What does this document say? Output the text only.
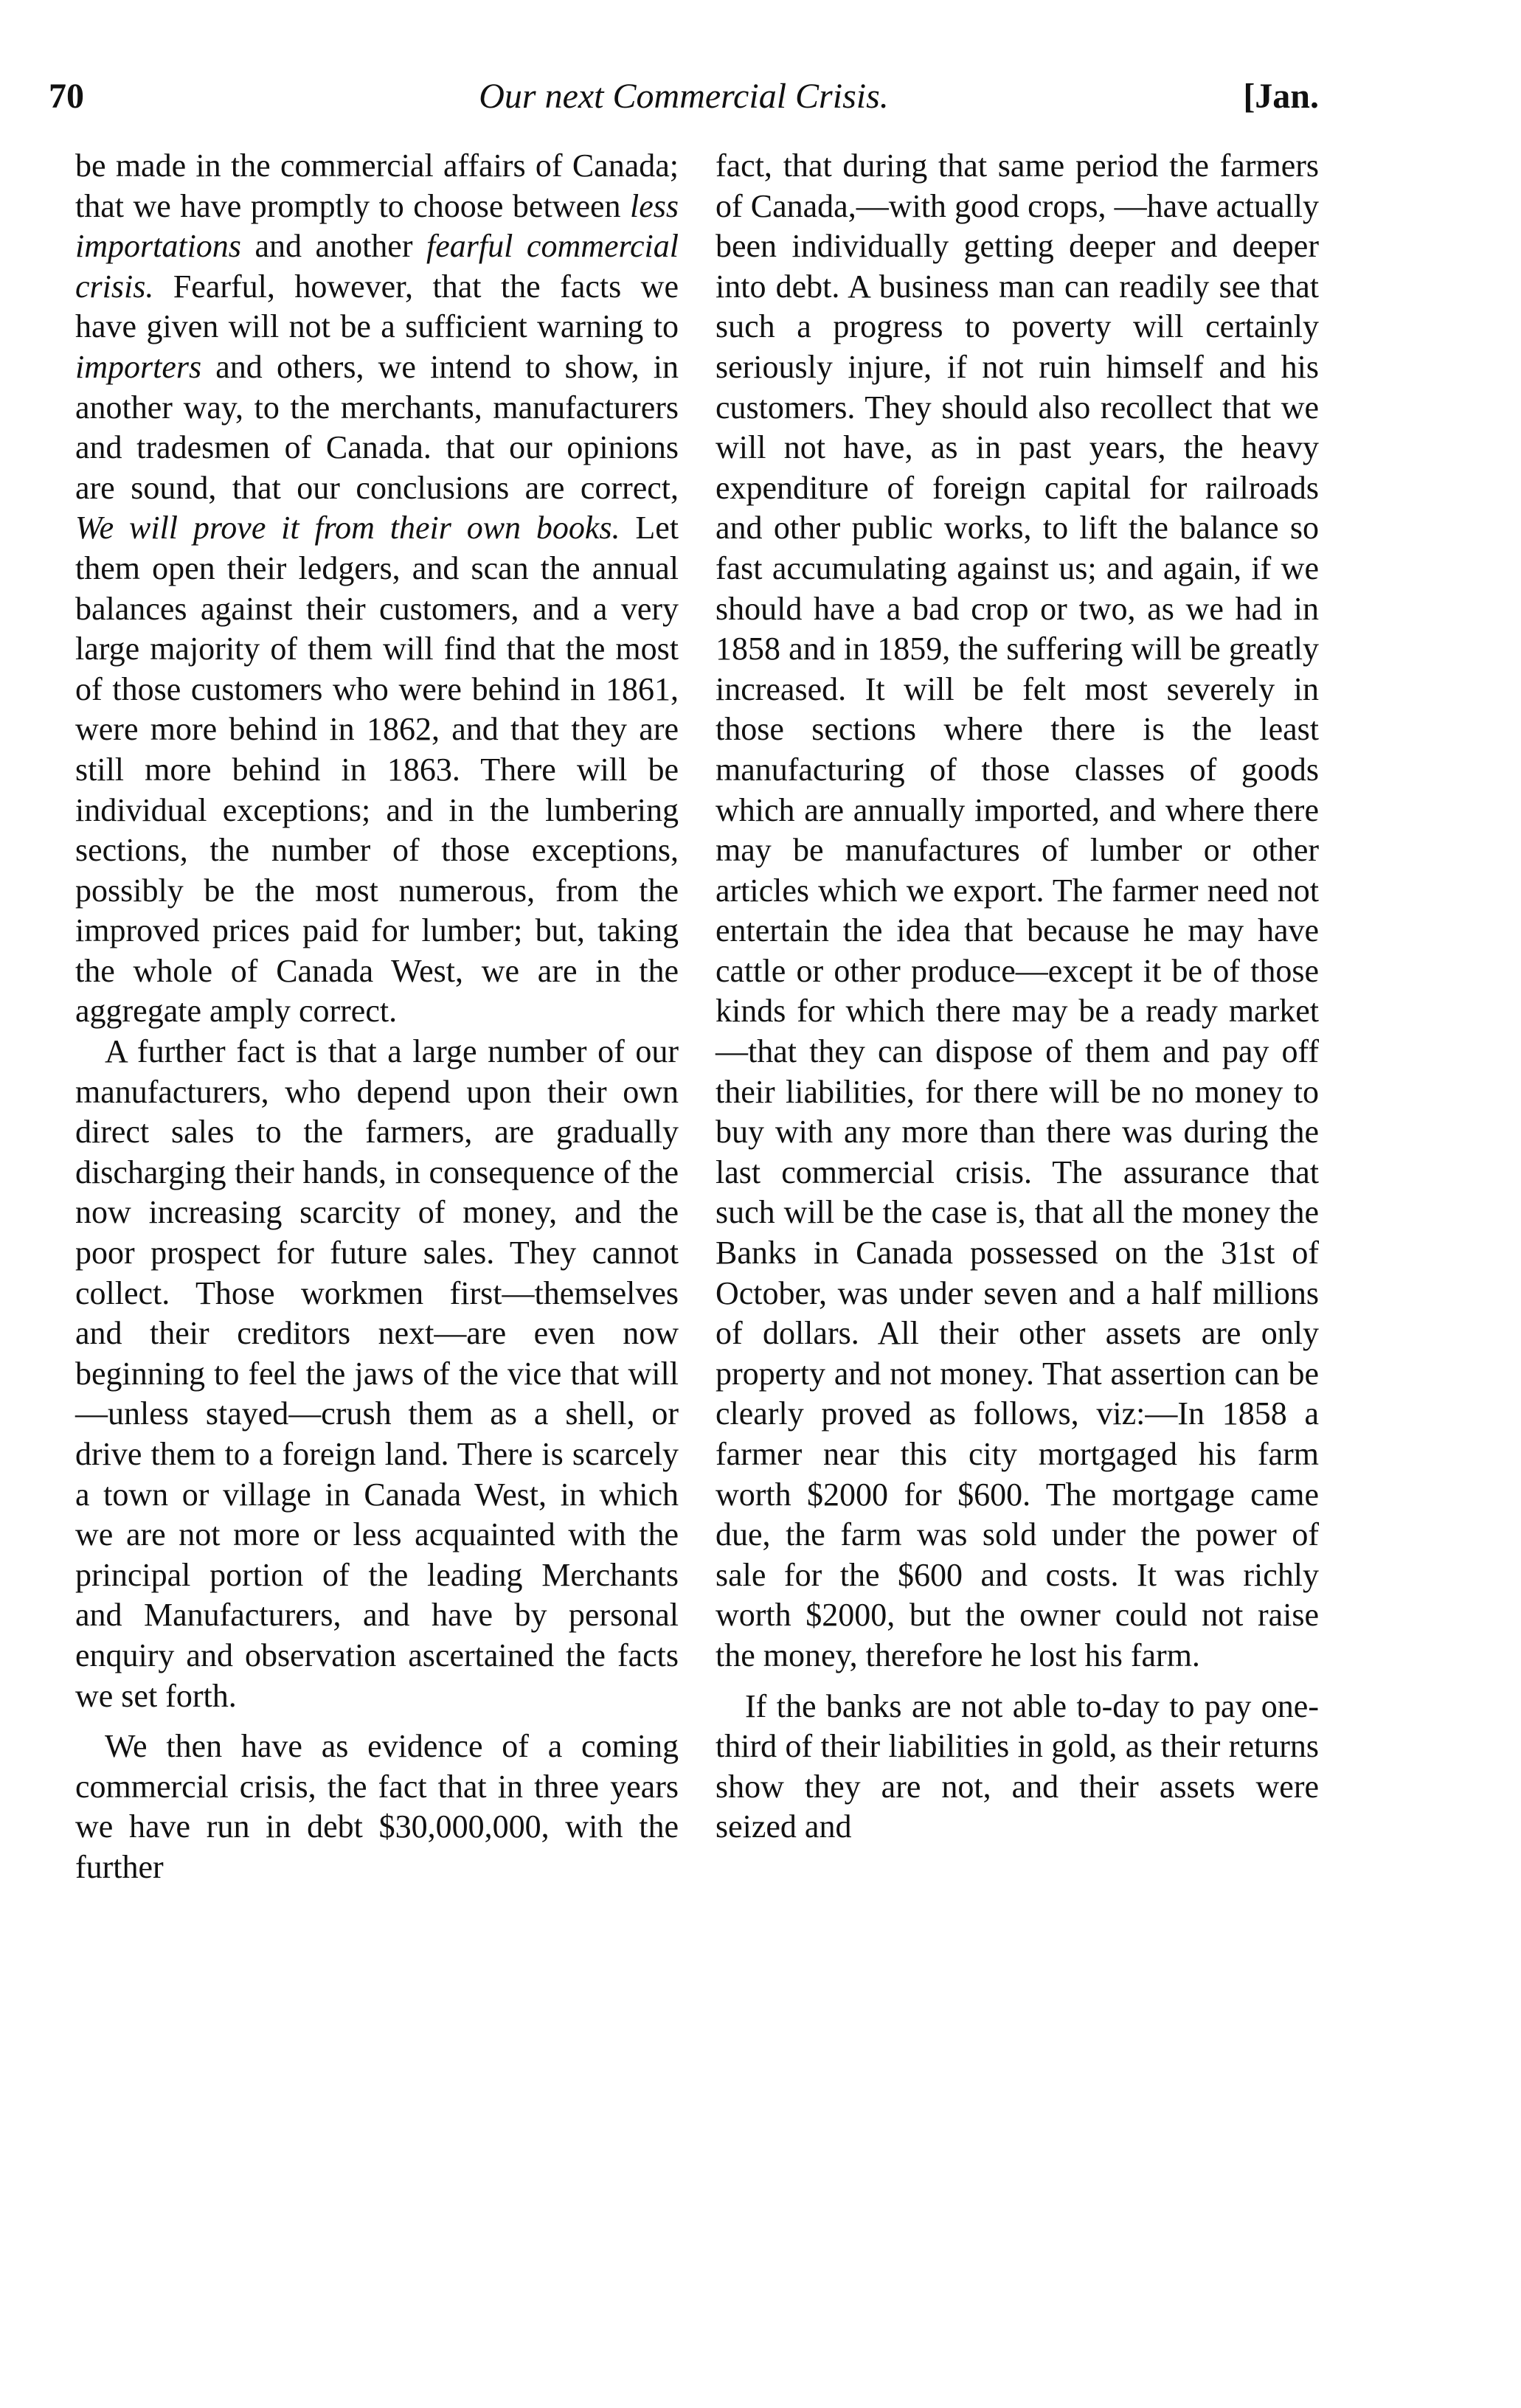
70	Our next Commercial Crisis.	[Jan.

be made in the commercial affairs of Canada; that we have promptly to choose between less importations and another fearful commercial crisis. Fearful, however, that the facts we have given will not be a sufficient warning to importers and others, we intend to show, in another way, to the merchants, manufacturers and tradesmen of Canada. that our opinions are sound, that our conclusions are correct, We will prove it from their own books. Let them open their ledgers, and scan the annual balances against their customers, and a very large majority of them will find that the most of those customers who were behind in 1861, were more behind in 1862, and that they are still more behind in 1863. There will be individual exceptions; and in the lumbering sections, the number of those exceptions, possibly be the most numerous, from the improved prices paid for lumber; but, taking the whole of Canada West, we are in the aggregate amply correct.

A further fact is that a large number of our manufacturers, who depend upon their own direct sales to the farmers, are gradually discharging their hands, in consequence of the now increasing scarcity of money, and the poor prospect for future sales. They cannot collect. Those workmen first—themselves and their creditors next—are even now beginning to feel the jaws of the vice that will—unless stayed—crush them as a shell, or drive them to a foreign land. There is scarcely a town or village in Canada West, in which we are not more or less acquainted with the principal portion of the leading Merchants and Manufacturers, and have by personal enquiry and observation ascertained the facts we set forth.

We then have as evidence of a coming commercial crisis, the fact that in three years we have run in debt $30,000,000, with the further

fact, that during that same period the farmers of Canada,—with good crops, —have actually been individually getting deeper and deeper into debt. A business man can readily see that such a progress to poverty will certainly seriously injure, if not ruin himself and his customers. They should also recollect that we will not have, as in past years, the heavy expenditure of foreign capital for railroads and other public works, to lift the balance so fast accumulating against us; and again, if we should have a bad crop or two, as we had in 1858 and in 1859, the suffering will be greatly increased. It will be felt most severely in those sections where there is the least manufacturing of those classes of goods which are annually imported, and where there may be manufactures of lumber or other articles which we export. The farmer need not entertain the idea that because he may have cattle or other produce—except it be of those kinds for which there may be a ready market—that they can dispose of them and pay off their liabilities, for there will be no money to buy with any more than there was during the last commercial crisis. The assurance that such will be the case is, that all the money the Banks in Canada possessed on the 31st of October, was under seven and a half millions of dollars. All their other assets are only property and not money. That assertion can be clearly proved as follows, viz:—In 1858 a farmer near this city mortgaged his farm worth $2000 for $600. The mortgage came due, the farm was sold under the power of sale for the $600 and costs. It was richly worth $2000, but the owner could not raise the money, therefore he lost his farm.

If the banks are not able to-day to pay one-third of their liabilities in gold, as their returns show they are not, and their assets were seized and
